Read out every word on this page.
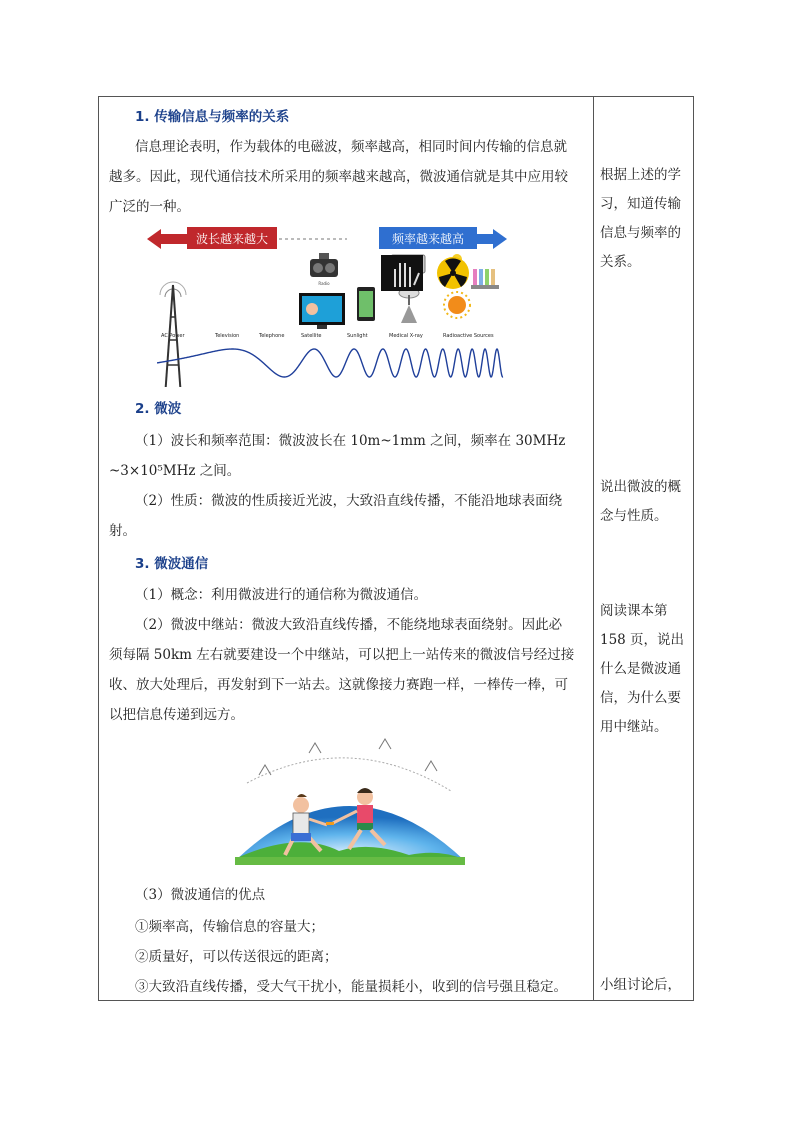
1. 传输信息与频率的关系
信息理论表明，作为载体的电磁波，频率越高，相同时间内传输的信息就
越多。因此，现代通信技术所采用的频率越来越高，微波通信就是其中应用较
广泛的一种。
波长越来越大	频率越来越高
Radio
AC Power	Television	Telephone	Satellite	Sunlight	Medical X-ray	Radioactive Sources
2. 微波
（1）波长和频率范围：微波波长在 10m~1mm 之间，频率在 30MHz
~3×10⁵MHz 之间。
（2）性质：微波的性质接近光波，大致沿直线传播，不能沿地球表面绕
射。
3. 微波通信
（1）概念：利用微波进行的通信称为微波通信。
（2）微波中继站：微波大致沿直线传播，不能绕地球表面绕射。因此必
须每隔 50km 左右就要建设一个中继站，可以把上一站传来的微波信号经过接
收、放大处理后，再发射到下一站去。这就像接力赛跑一样，一棒传一棒，可
以把信息传递到远方。
（3）微波通信的优点
①频率高，传输信息的容量大；
②质量好，可以传送很远的距离；
③大致沿直线传播，受大气干扰小，能量损耗小，收到的信号强且稳定。
根据上述的学习，知道传输信息与频率的关系。
说出微波的概念与性质。
阅读课本第 158 页，说出什么是微波通信，为什么要用中继站。
小组讨论后，
